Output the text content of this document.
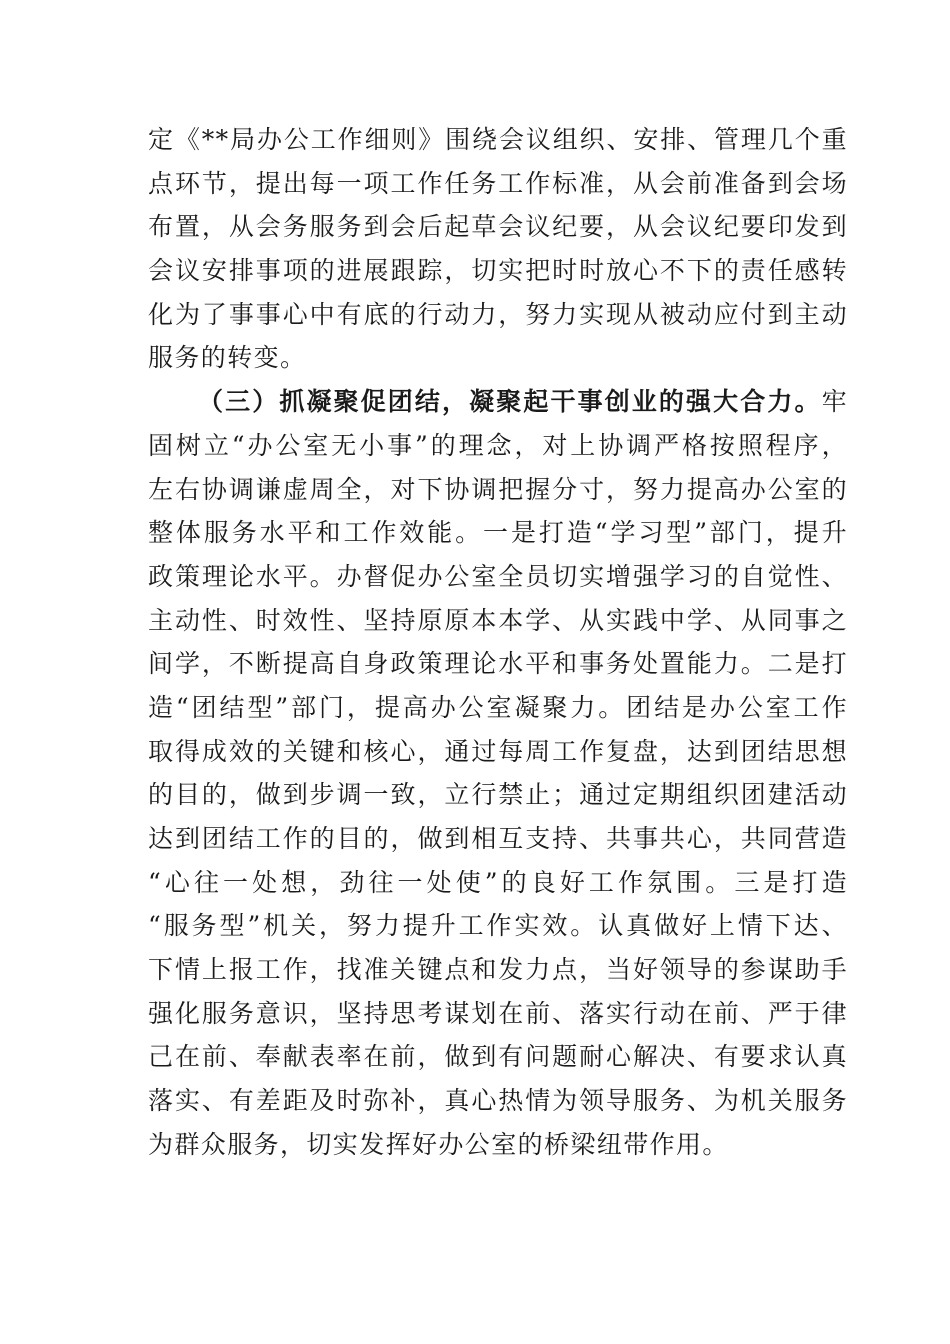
定《**局办公工作细则》围绕会议组织、安排、管理几个重
点环节，提出每一项工作任务工作标准，从会前准备到会场
布置，从会务服务到会后起草会议纪要，从会议纪要印发到
会议安排事项的进展跟踪，切实把时时放心不下的责任感转
化为了事事心中有底的行动力，努力实现从被动应付到主动
服务的转变。
（三）抓凝聚促团结，凝聚起干事创业的强大合力。牢
固树立“办公室无小事”的理念，对上协调严格按照程序，
左右协调谦虚周全，对下协调把握分寸，努力提高办公室的
整体服务水平和工作效能。一是打造“学习型”部门，提升
政策理论水平。办督促办公室全员切实增强学习的自觉性、
主动性、时效性、坚持原原本本学、从实践中学、从同事之
间学，不断提高自身政策理论水平和事务处置能力。二是打
造“团结型”部门，提高办公室凝聚力。团结是办公室工作
取得成效的关键和核心，通过每周工作复盘，达到团结思想
的目的，做到步调一致，立行禁止；通过定期组织团建活动
达到团结工作的目的，做到相互支持、共事共心，共同营造
“心往一处想，劲往一处使”的良好工作氛围。三是打造
“服务型”机关，努力提升工作实效。认真做好上情下达、
下情上报工作，找准关键点和发力点，当好领导的参谋助手
强化服务意识，坚持思考谋划在前、落实行动在前、严于律
己在前、奉献表率在前，做到有问题耐心解决、有要求认真
落实、有差距及时弥补，真心热情为领导服务、为机关服务
为群众服务，切实发挥好办公室的桥梁纽带作用。
